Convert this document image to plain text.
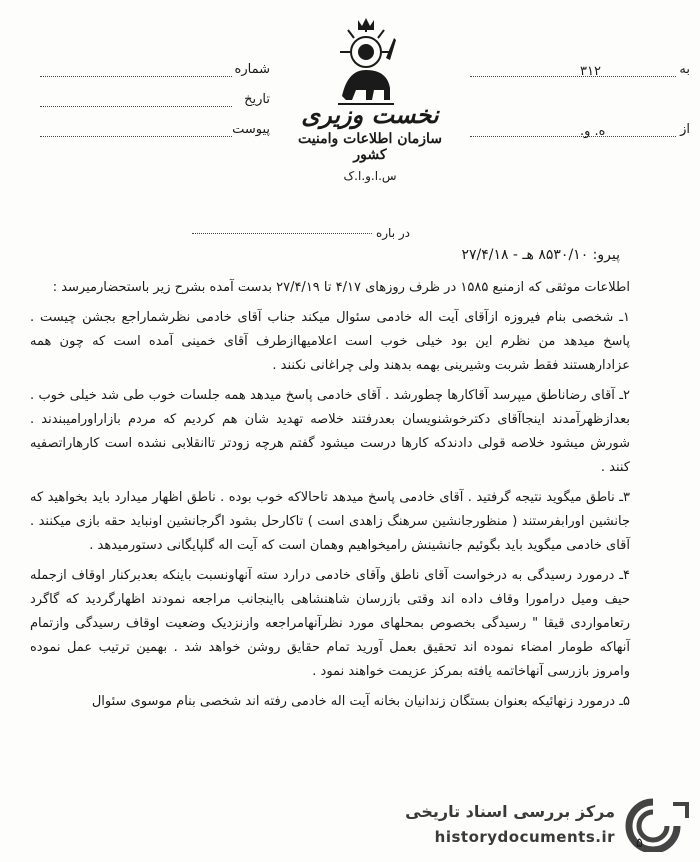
شماره
تاریخ
پیوست
نخست وزیری
سازمان اطلاعات وامنیت کشور
س.ا.و.ا.ک
۳۱۲	به
ه. و.	از
در باره
پیرو: ۸۵۳۰/۱۰ هـ - ۲۷/۴/۱۸

اطلاعات موثقی که ازمنبع ۱۵۸۵ در ظرف روزهای ۴/۱۷ تا ۲۷/۴/۱۹ بدست آمده بشرح زیر باستحضارمیرسد :

۱ـ شخصی بنام فیروزه ازآقای آیت اله خادمی سئوال میکند جناب آقای خادمی نظرشماراجع بجشن چیست . پاسخ میدهد من نظرم این بود خیلی خوب است اعلامیهاازطرف آقای خمینی آمده است که چون همه عزادارهستند فقط شربت وشیرینی بهمه بدهند ولی چراغانی نکنند .

۲ـ آقای رضاناطق میپرسد آقاکارها چطورشد . آقای خادمی پاسخ میدهد همه جلسات خوب طی شد خیلی خوب . بعدازظهرآمدند اینجاآقای دکترخوشنویسان بعدرفتند خلاصه تهدید شان هم کردیم که مردم بازاراورامیبندند . شورش میشود خلاصه قولی دادندکه کارها درست میشود گفتم هرچه زودتر تاانقلابی نشده است کارهاراتصفیه کنند .

۳ـ ناطق میگوید نتیجه گرفتید . آقای خادمی پاسخ میدهد تاحالاکه خوب بوده . ناطق اظهار میدارد باید بخواهید که جانشین اورابفرستند ( منظورجانشین سرهنگ زاهدی است ) تاکارحل بشود اگرجانشین اونباید حقه بازی میکنند . آقای خادمی میگوید باید بگوئیم جانشینش رامیخواهیم وهمان است که آیت اله گلپایگانی دستورمیدهد .

۴ـ درمورد رسیدگی به درخواست آقای ناطق وآقای خادمی درارد سته آنهاونسبت باینکه بعدبرکنار اوقاف ازجمله حیف ومیل درامورا وقاف داده اند وقتی بازرسان شاهنشاهی بااینجانب مراجعه نمودند اظهارگردید که گاگرد رتعامواردی قیقا " رسیدگی بخصوص بمحلهای مورد نظرآنهامراجعه وازنزدیک وضعیت اوقاف رسیدگی وازتمام آنهاکه طومار امضاء نموده اند تحقیق بعمل آورید تمام حقایق روشن خواهد شد . بهمین ترتیب عمل نموده وامروز بازرسی آنهاخاتمه یافته بمرکز عزیمت خواهند نمود .

۵ـ درمورد زنهائیکه بعنوان بستگان زندانیان بخانه آیت اله خادمی رفته اند شخصی بنام موسوی سئوال

مرکز بررسی اسناد تاریخی
historydocuments.ir ۵
